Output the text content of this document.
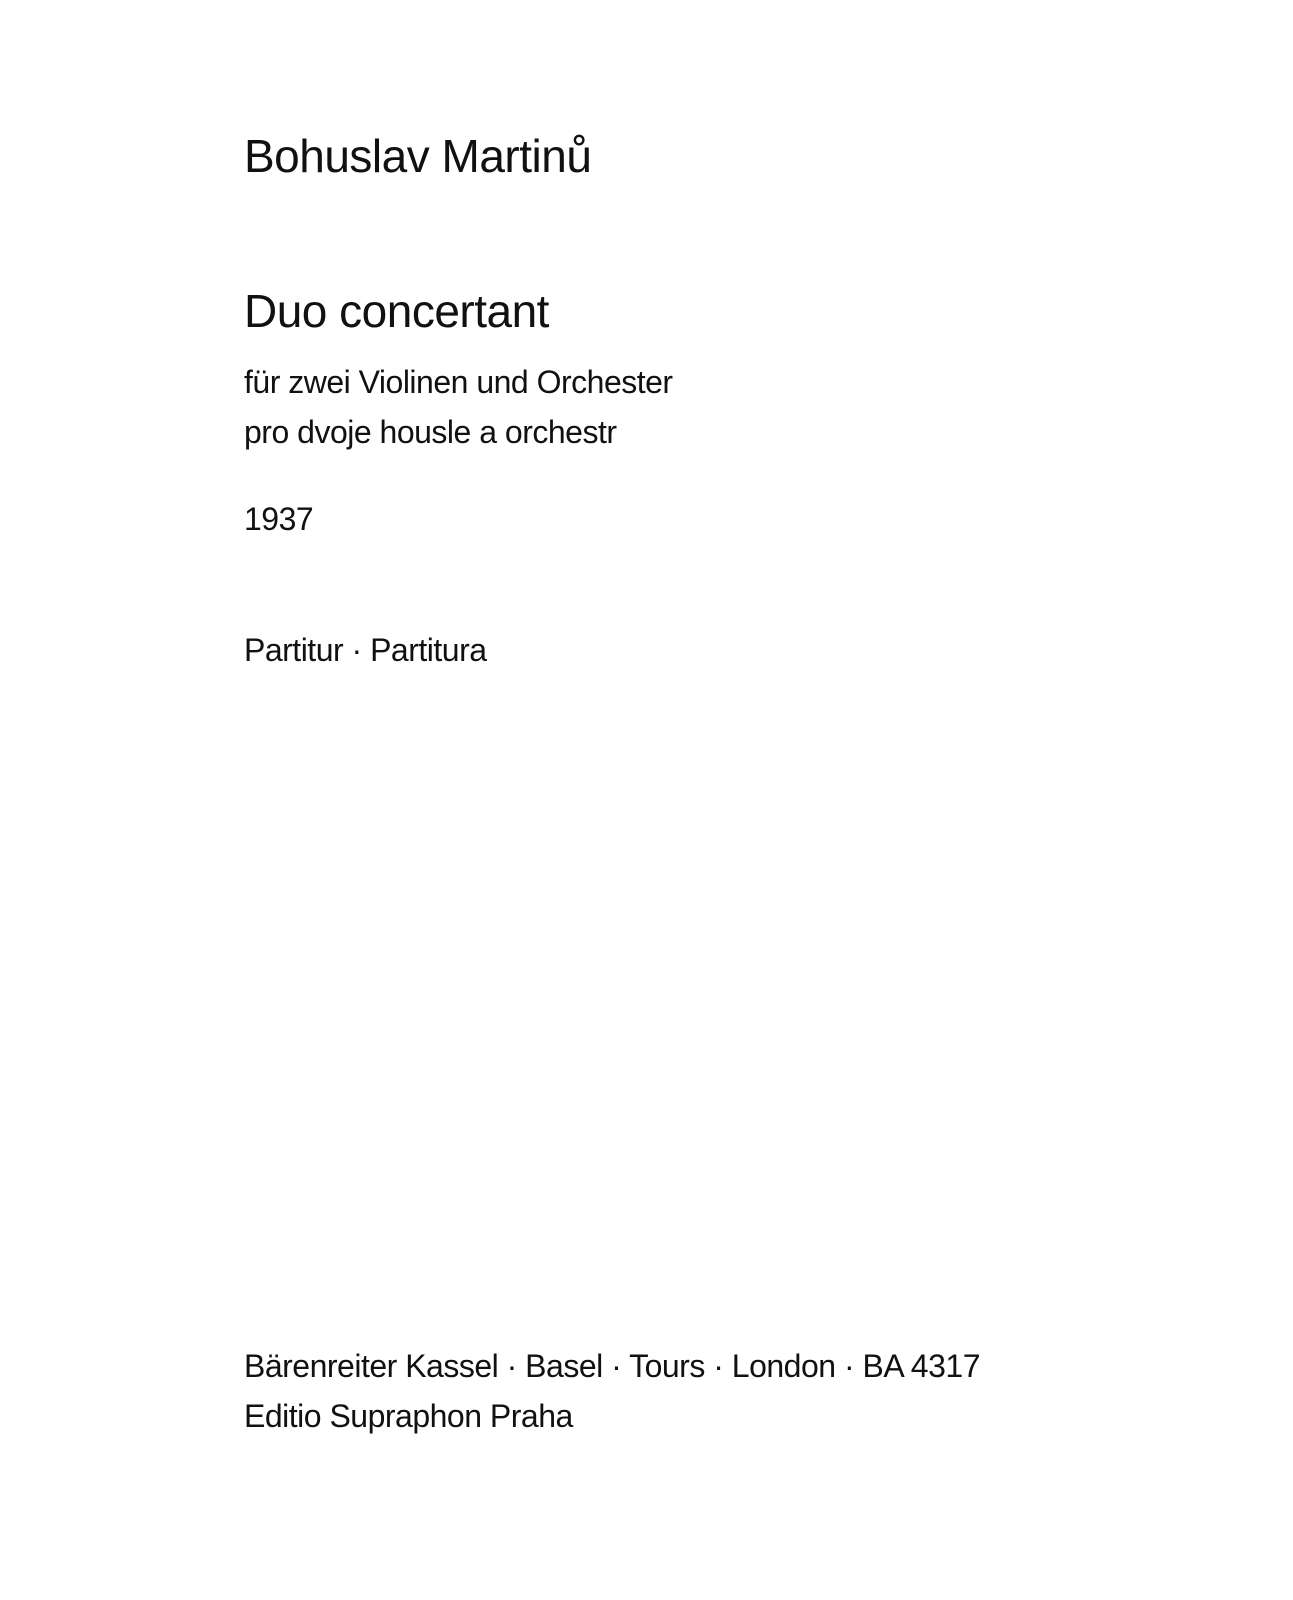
Bohuslav Martinů

Duo concertant

für zwei Violinen und Orchester

pro dvoje housle a orchestr

1937

Partitur · Partitura

Bärenreiter Kassel · Basel · Tours · London · BA 4317

Editio Supraphon Praha
